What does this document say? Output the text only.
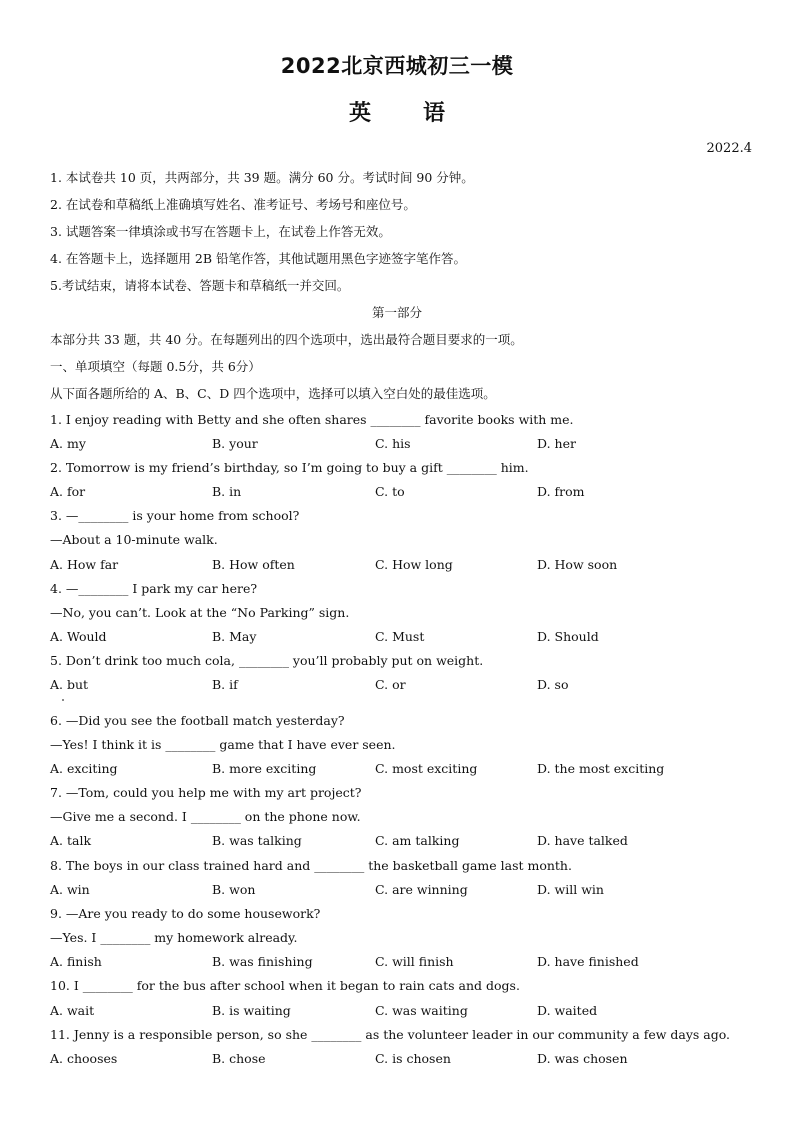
2022北京西城初三一模
英 语
2022.4
1. 本试卷共 10 页，共两部分，共 39 题。满分 60 分。考试时间 90 分钟。
2. 在试卷和草稿纸上准确填写姓名、准考证号、考场号和座位号。
3. 试题答案一律填涂或书写在答题卡上，在试卷上作答无效。
4. 在答题卡上，选择题用 2B 铅笔作答，其他试题用黑色字迹签字笔作答。
5.考试结束，请将本试卷、答题卡和草稿纸一并交回。
第一部分
本部分共 33 题，共 40 分。在每题列出的四个选项中，选出最符合题目要求的一项。
一、单项填空（每题 0.5分，共 6分）
从下面各题所给的 A、B、C、D 四个选项中，选择可以填入空白处的最佳选项。
1. I enjoy reading with Betty and she often shares ________ favorite books with me.
A. my	B. your	C. his	D. her
2. Tomorrow is my friend’s birthday, so I’m going to buy a gift ________ him.
A. for	B. in	C. to	D. from
3. —________ is your home from school?
—About a 10-minute walk.
A. How far	B. How often	C. How long	D. How soon
4. —________ I park my car here?
—No, you can’t. Look at the “No Parking” sign.
A. Would	B. May	C. Must	D. Should
5. Don’t drink too much cola, ________ you’ll probably put on weight.
A. but	B. if	C. or	D. so
6. —Did you see the football match yesterday?
—Yes! I think it is ________ game that I have ever seen.
A. exciting	B. more exciting	C. most exciting	D. the most exciting
7. —Tom, could you help me with my art project?
—Give me a second. I ________ on the phone now.
A. talk	B. was talking	C. am talking	D. have talked
8. The boys in our class trained hard and ________ the basketball game last month.
A. win	B. won	C. are winning	D. will win
9. —Are you ready to do some housework?
—Yes. I ________ my homework already.
A. finish	B. was finishing	C. will finish	D. have finished
10. I ________ for the bus after school when it began to rain cats and dogs.
A. wait	B. is waiting	C. was waiting	D. waited
11. Jenny is a responsible person, so she ________ as the volunteer leader in our community a few days ago.
A. chooses	B. chose	C. is chosen	D. was chosen
